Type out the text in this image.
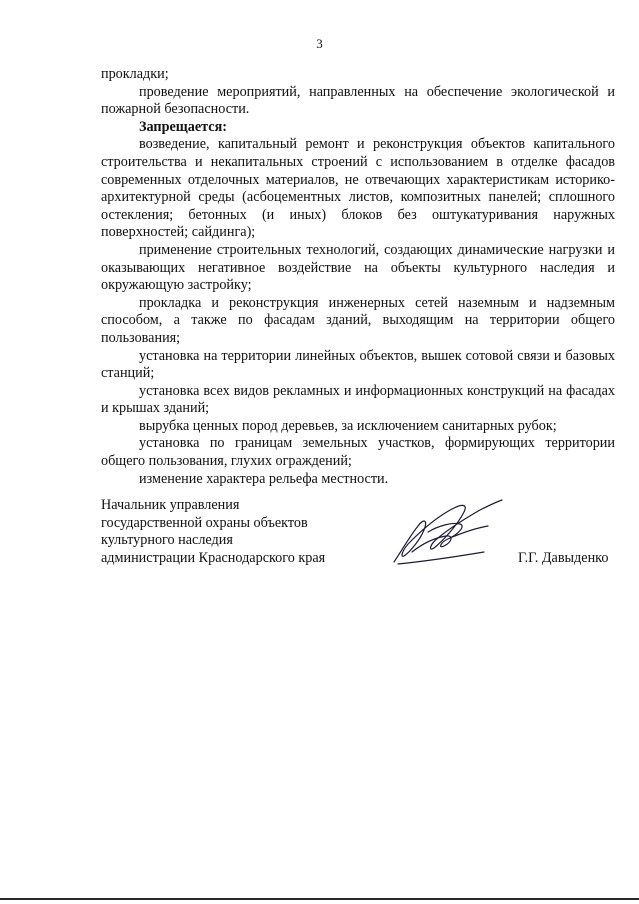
3

прокладки;

проведение мероприятий, направленных на обеспечение экологической и пожарной безопасности.

Запрещается:

возведение, капитальный ремонт и реконструкция объектов капитального строительства и некапитальных строений с использованием в отделке фасадов современных отделочных материалов, не отвечающих характеристикам историко-архитектурной среды (асбоцементных листов, композитных панелей; сплошного остекления; бетонных (и иных) блоков без оштукатуривания наружных поверхностей; сайдинга);

применение строительных технологий, создающих динамические нагрузки и оказывающих негативное воздействие на объекты культурного наследия и окружающую застройку;

прокладка и реконструкция инженерных сетей наземным и надземным способом, а также по фасадам зданий, выходящим на территории общего пользования;

установка на территории линейных объектов, вышек сотовой связи и базовых станций;

установка всех видов рекламных и информационных конструкций на фасадах и крышах зданий;

вырубка ценных пород деревьев, за исключением санитарных рубок;

установка по границам земельных участков, формирующих территории общего пользования, глухих ограждений;

изменение характера рельефа местности.

Начальник управления
государственной охраны объектов
культурного наследия
администрации Краснодарского края	Г.Г. Давыденко
